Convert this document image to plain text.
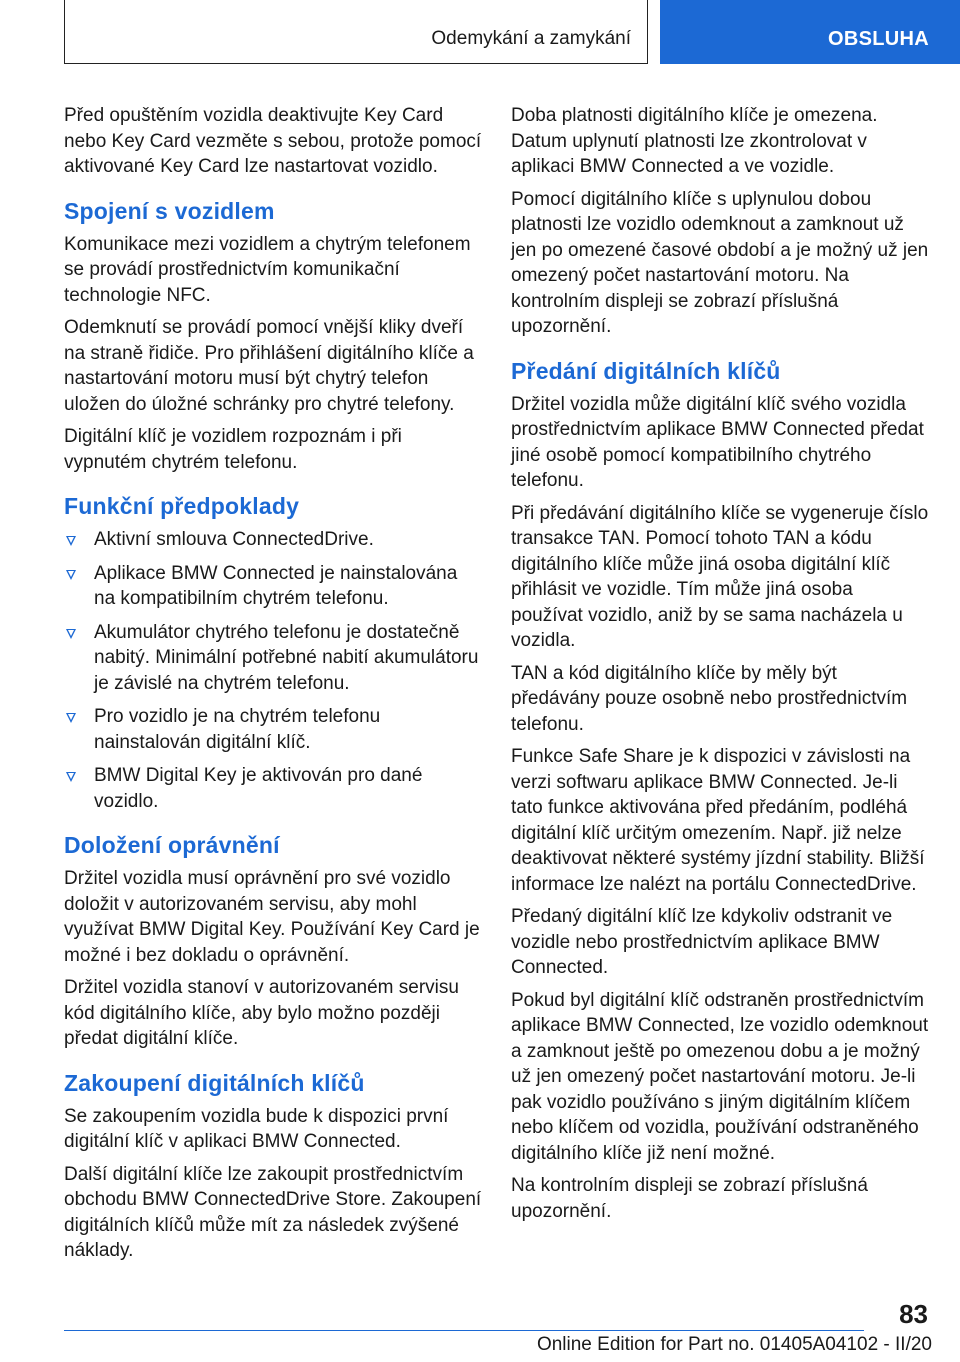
Odemykání a zamykání	OBSLUHA

Před opuštěním vozidla deaktivujte Key Card nebo Key Card vezměte s sebou, protože pomocí aktivované Key Card lze nastartovat vozidlo.

Spojení s vozidlem

Komunikace mezi vozidlem a chytrým telefonem se provádí prostřednictvím komunikační technologie NFC.

Odemknutí se provádí pomocí vnější kliky dveří na straně řidiče. Pro přihlášení digitálního klíče a nastartování motoru musí být chytrý telefon uložen do úložné schránky pro chytré telefony.

Digitální klíč je vozidlem rozpoznám i při vypnutém chytrém telefonu.

Funkční předpoklady
Aktivní smlouva ConnectedDrive.
Aplikace BMW Connected je nainstalována na kompatibilním chytrém telefonu.
Akumulátor chytrého telefonu je dostatečně nabitý. Minimální potřebné nabití akumulátoru je závislé na chytrém telefonu.
Pro vozidlo je na chytrém telefonu nainstalován digitální klíč.
BMW Digital Key je aktivován pro dané vozidlo.
Doložení oprávnění

Držitel vozidla musí oprávnění pro své vozidlo doložit v autorizovaném servisu, aby mohl využívat BMW Digital Key. Používání Key Card je možné i bez dokladu o oprávnění.

Držitel vozidla stanoví v autorizovaném servisu kód digitálního klíče, aby bylo možno později předat digitální klíče.

Zakoupení digitálních klíčů

Se zakoupením vozidla bude k dispozici první digitální klíč v aplikaci BMW Connected.

Další digitální klíče lze zakoupit prostřednictvím obchodu BMW ConnectedDrive Store. Zakoupení digitálních klíčů může mít za následek zvýšené náklady.

Doba platnosti digitálního klíče je omezena. Datum uplynutí platnosti lze zkontrolovat v aplikaci BMW Connected a ve vozidle.

Pomocí digitálního klíče s uplynulou dobou platnosti lze vozidlo odemknout a zamknout už jen po omezené časové období a je možný už jen omezený počet nastartování motoru. Na kontrolním displeji se zobrazí příslušná upozornění.

Předání digitálních klíčů

Držitel vozidla může digitální klíč svého vozidla prostřednictvím aplikace BMW Connected předat jiné osobě pomocí kompatibilního chytrého telefonu.

Při předávání digitálního klíče se vygeneruje číslo transakce TAN. Pomocí tohoto TAN a kódu digitálního klíče může jiná osoba digitální klíč přihlásit ve vozidle. Tím může jiná osoba používat vozidlo, aniž by se sama nacházela u vozidla.

TAN a kód digitálního klíče by měly být předávány pouze osobně nebo prostřednictvím telefonu.

Funkce Safe Share je k dispozici v závislosti na verzi softwaru aplikace BMW Connected. Je-li tato funkce aktivována před předáním, podléhá digitální klíč určitým omezením. Např. již nelze deaktivovat některé systémy jízdní stability. Bližší informace lze nalézt na portálu ConnectedDrive.

Předaný digitální klíč lze kdykoliv odstranit ve vozidle nebo prostřednictvím aplikace BMW Connected.

Pokud byl digitální klíč odstraněn prostřednictvím aplikace BMW Connected, lze vozidlo odemknout a zamknout ještě po omezenou dobu a je možný už jen omezený počet nastartování motoru. Je-li pak vozidlo používáno s jiným digitálním klíčem nebo klíčem od vozidla, používání odstraněného digitálního klíče již není možné.

Na kontrolním displeji se zobrazí příslušná upozornění.

83
Online Edition for Part no. 01405A04102 - II/20
